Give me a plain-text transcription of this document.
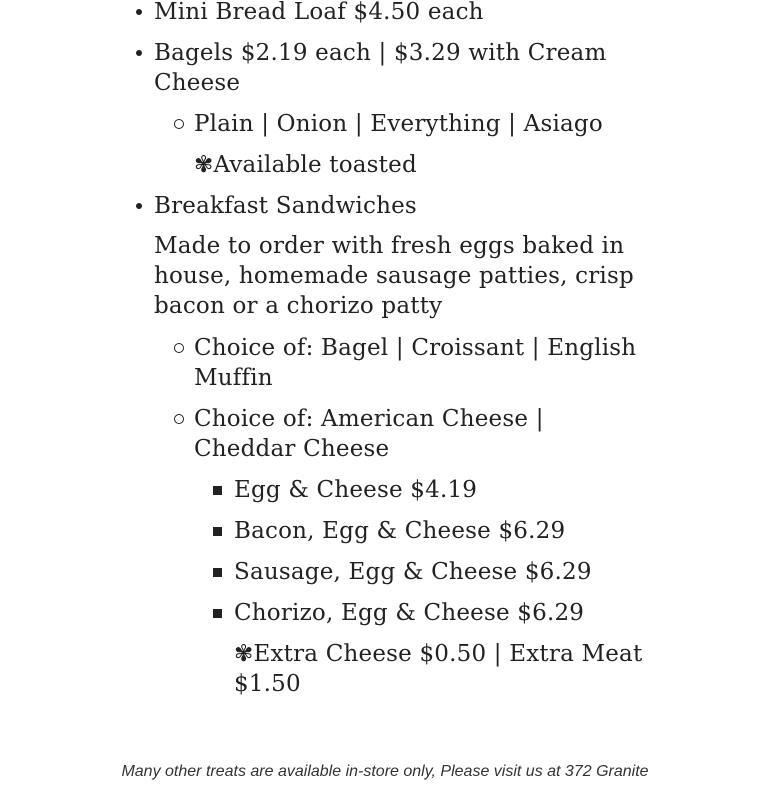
Mini Bread Loaf $4.50 each

Bagels $2.19 each | $3.29 with Cream Cheese

Plain | Onion | Everything | Asiago

✾Available toasted

Breakfast Sandwiches

Made to order with fresh eggs baked in house, homemade sausage patties, crisp bacon or a chorizo patty

Choice of: Bagel | Croissant | English Muffin

Choice of: American Cheese | Cheddar Cheese

Egg & Cheese $4.19

Bacon, Egg & Cheese $6.29

Sausage, Egg & Cheese $6.29

Chorizo, Egg & Cheese $6.29

✾Extra Cheese $0.50 | Extra Meat $1.50

Many other treats are available in-store only, Please visit us at 372 Granite
